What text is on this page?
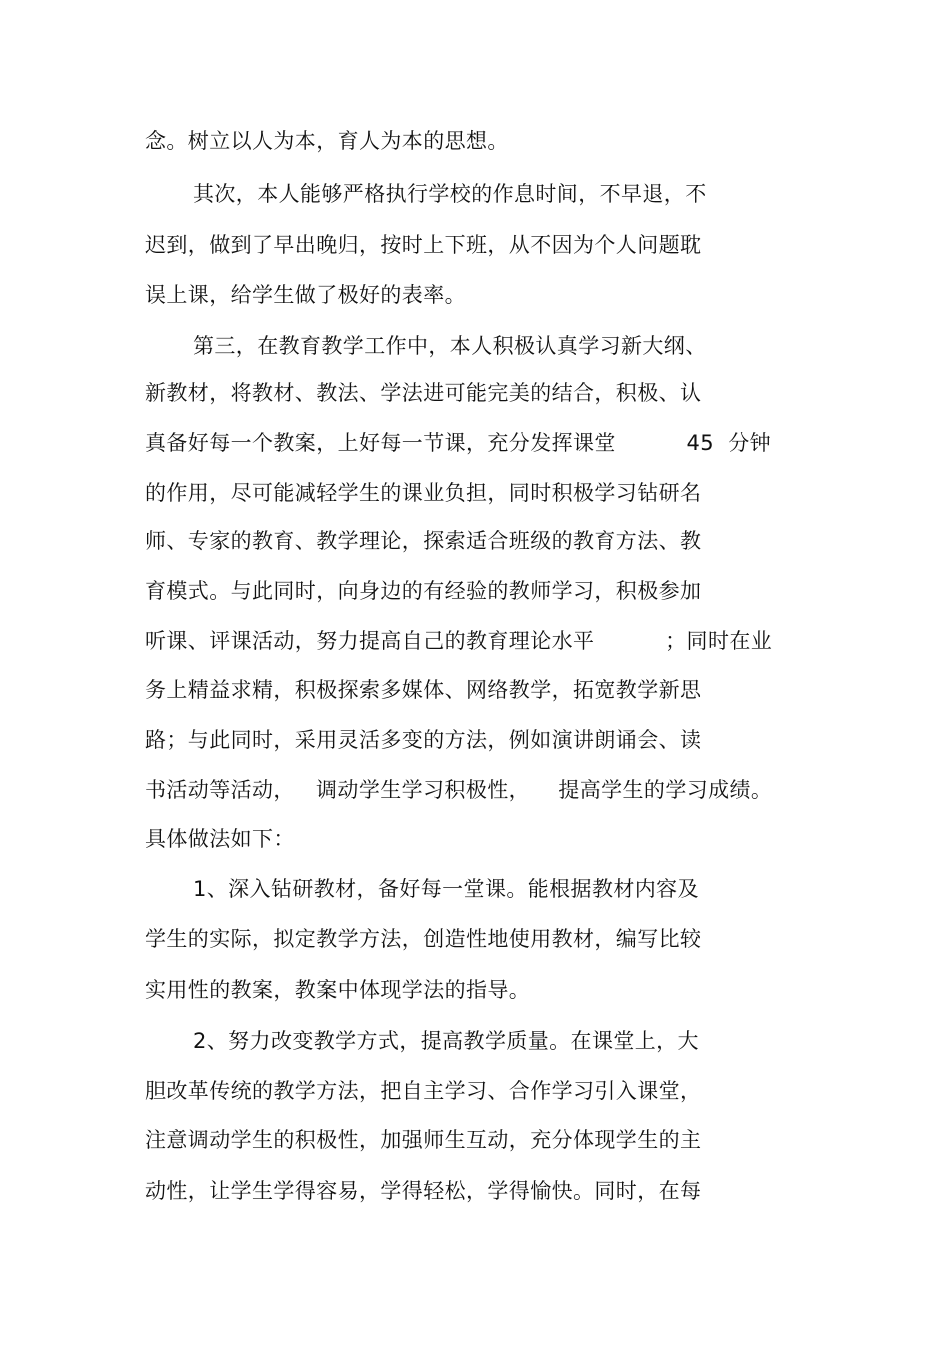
念。树立以人为本，育人为本的思想。
其次，本人能够严格执行学校的作息时间，不早退，不
迟到，做到了早出晚归，按时上下班，从不因为个人问题耽
误上课，给学生做了极好的表率。
第三，在教育教学工作中，本人积极认真学习新大纲、
新教材，将教材、教法、学法进可能完美的结合，积极、认
真备好每一个教案，上好每一节课，充分发挥课堂          45  分钟
的作用，尽可能减轻学生的课业负担，同时积极学习钻研名
师、专家的教育、教学理论，探索适合班级的教育方法、教
育模式。与此同时，向身边的有经验的教师学习，积极参加
听课、评课活动，努力提高自己的教育理论水平          ；同时在业
务上精益求精，积极探索多媒体、网络教学，拓宽教学新思
路；与此同时，采用灵活多变的方法，例如演讲朗诵会、读
书活动等活动，   调动学生学习积极性，    提高学生的学习成绩。
具体做法如下：
1、深入钻研教材，备好每一堂课。能根据教材内容及
学生的实际，拟定教学方法，创造性地使用教材，编写比较
实用性的教案，教案中体现学法的指导。
2、努力改变教学方式，提高教学质量。在课堂上，大
胆改革传统的教学方法，把自主学习、合作学习引入课堂，
注意调动学生的积极性，加强师生互动，充分体现学生的主
动性，让学生学得容易，学得轻松，学得愉快。同时，在每
